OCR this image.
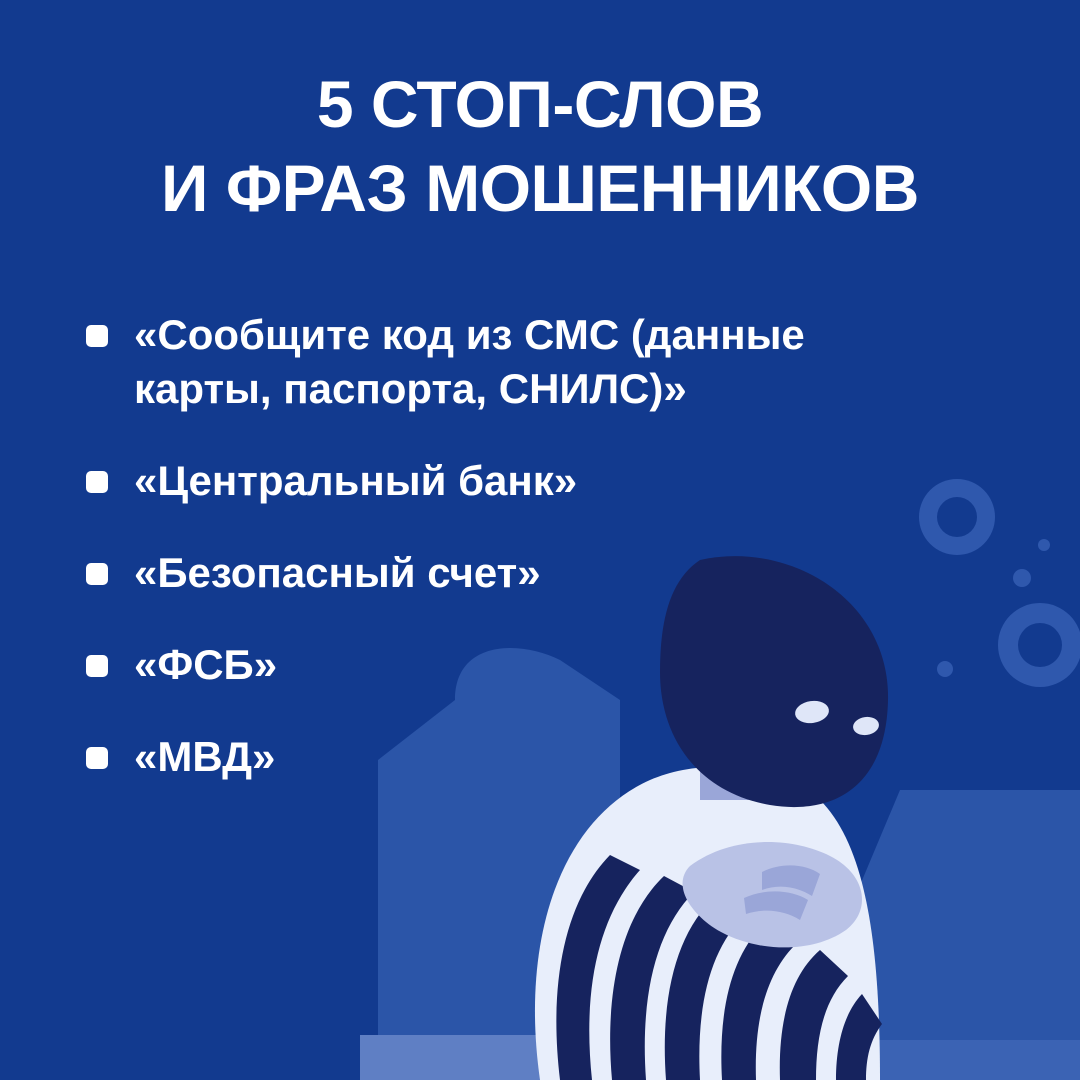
5 СТОП-СЛОВ
И ФРАЗ МОШЕННИКОВ
«Сообщите код из СМС (данные карты, паспорта, СНИЛС)»
«Центральный банк»
«Безопасный счет»
«ФСБ»
«МВД»
